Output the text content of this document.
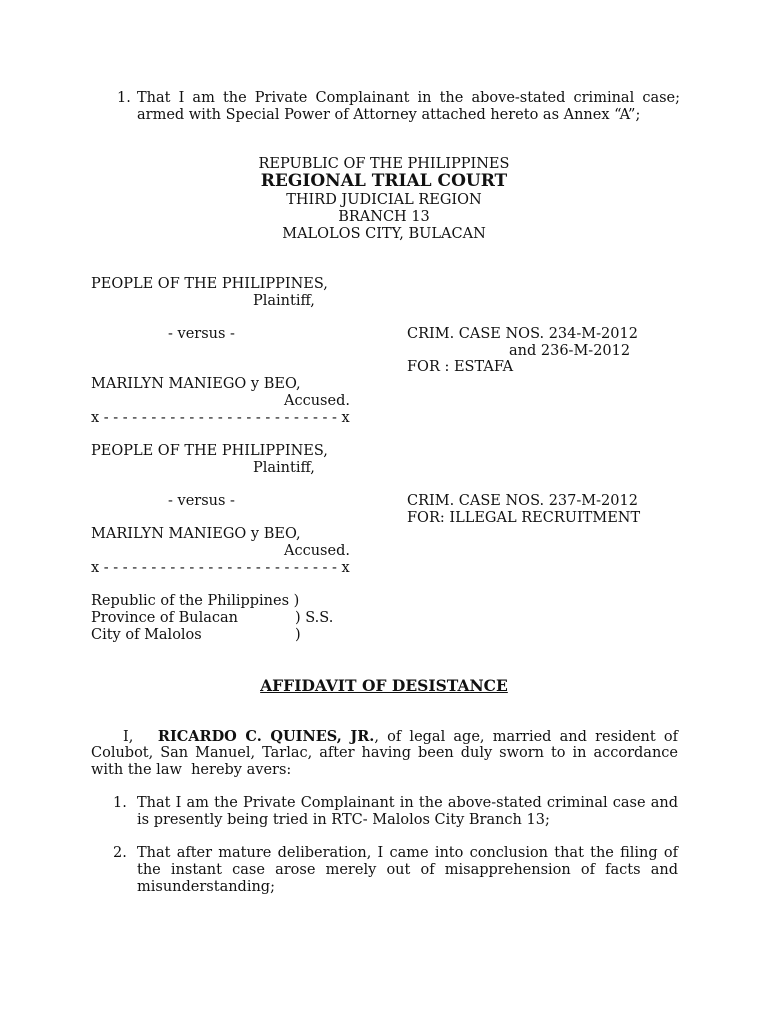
1. That I am the Private Complainant in the above-stated criminal case;
armed with Special Power of Attorney attached hereto as Annex “A”;
REPUBLIC OF THE PHILIPPINES
REGIONAL TRIAL COURT
THIRD JUDICIAL REGION
BRANCH 13
MALOLOS CITY, BULACAN
PEOPLE OF THE PHILIPPINES,
Plaintiff,
- versus -	CRIM. CASE NOS. 234-M-2012
and 236-M-2012
FOR : ESTAFA
MARILYN MANIEGO y BEO,
Accused.
x - - - - - - - - - - - - - - - - - - - - - - - - - x
PEOPLE OF THE PHILIPPINES,
Plaintiff,
- versus -	CRIM. CASE NOS. 237-M-2012
FOR: ILLEGAL RECRUITMENT
MARILYN MANIEGO y BEO,
Accused.
x - - - - - - - - - - - - - - - - - - - - - - - - - x
Republic of the Philippines )
Province of Bulacan	) S.S.
City of Malolos	)
AFFIDAVIT OF DESISTANCE
I, RICARDO C. QUINES, JR., of legal age, married and resident of
Colubot, San Manuel, Tarlac, after having been duly sworn to in accordance
with the law  hereby avers:
1. That I am the Private Complainant in the above-stated criminal case and
is presently being tried in RTC- Malolos City Branch 13;
2. That after mature deliberation, I came into conclusion that the filing of
the instant case arose merely out of misapprehension of facts and
misunderstanding;
